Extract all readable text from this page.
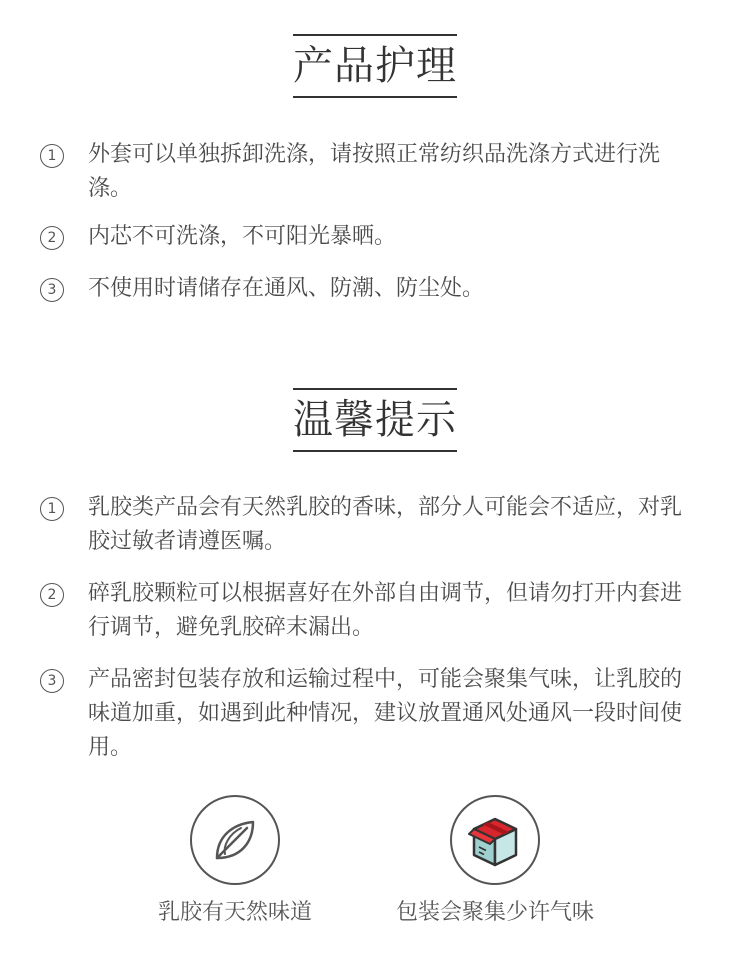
产品护理
1	外套可以单独拆卸洗涤，请按照正常纺织品洗涤方式进行洗涤。
2	内芯不可洗涤，不可阳光暴晒。
3	不使用时请储存在通风、防潮、防尘处。
温馨提示
1	乳胶类产品会有天然乳胶的香味，部分人可能会不适应，对乳胶过敏者请遵医嘱。
2	碎乳胶颗粒可以根据喜好在外部自由调节，但请勿打开内套进行调节，避免乳胶碎末漏出。
3	产品密封包装存放和运输过程中，可能会聚集气味，让乳胶的味道加重，如遇到此种情况，建议放置通风处通风一段时间使用。
乳胶有天然味道	包装会聚集少许气味
